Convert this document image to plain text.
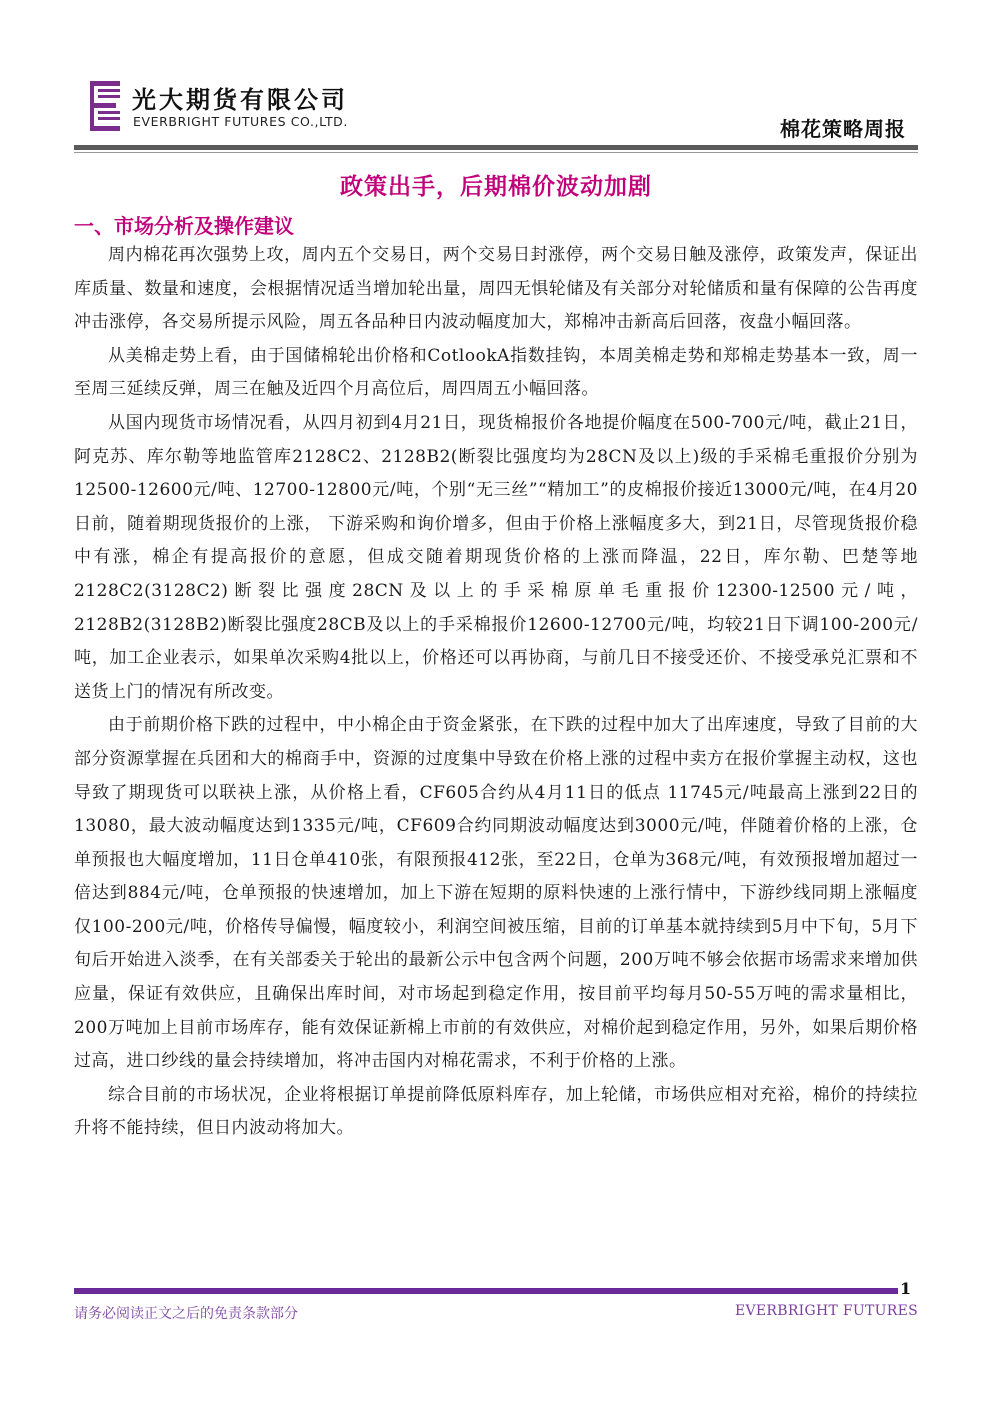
光大期货有限公司
EVERBRIGHT FUTURES CO.,LTD.	棉花策略周报
政策出手，后期棉价波动加剧
一、市场分析及操作建议

周内棉花再次强势上攻，周内五个交易日，两个交易日封涨停，两个交易日触及涨停，政策发声，保证出库质量、数量和速度，会根据情况适当增加轮出量，周四无惧轮储及有关部分对轮储质和量有保障的公告再度冲击涨停，各交易所提示风险，周五各品种日内波动幅度加大，郑棉冲击新高后回落，夜盘小幅回落。

从美棉走势上看，由于国储棉轮出价格和CotlookA指数挂钩，本周美棉走势和郑棉走势基本一致，周一至周三延续反弹，周三在触及近四个月高位后，周四周五小幅回落。

从国内现货市场情况看，从四月初到4月21日，现货棉报价各地提价幅度在500-700元/吨，截止21日，阿克苏、库尔勒等地监管库2128C2、2128B2(断裂比强度均为28CN及以上)级的手采棉毛重报价分别为12500-12600元/吨、12700-12800元/吨，个别“无三丝”“精加工”的皮棉报价接近13000元/吨，在4月20日前，随着期现货报价的上涨， 下游采购和询价增多，但由于价格上涨幅度多大，到21日，尽管现货报价稳中有涨，棉企有提高报价的意愿，但成交随着期现货价格的上涨而降温，22日，库尔勒、巴楚等地2128C2(3128C2)断裂比强度28CN及以上的手采棉原单毛重报价12300-12500元/吨，2128B2(3128B2)断裂比强度28CB及以上的手采棉报价12600-12700元/吨，均较21日下调100-200元/吨，加工企业表示，如果单次采购4批以上，价格还可以再协商，与前几日不接受还价、不接受承兑汇票和不送货上门的情况有所改变。

由于前期价格下跌的过程中，中小棉企由于资金紧张，在下跌的过程中加大了出库速度，导致了目前的大部分资源掌握在兵团和大的棉商手中，资源的过度集中导致在价格上涨的过程中卖方在报价掌握主动权，这也导致了期现货可以联袂上涨，从价格上看，CF605合约从4月11日的低点 11745元/吨最高上涨到22日的13080，最大波动幅度达到1335元/吨，CF609合约同期波动幅度达到3000元/吨，伴随着价格的上涨，仓单预报也大幅度增加，11日仓单410张，有限预报412张，至22日，仓单为368元/吨，有效预报增加超过一倍达到884元/吨，仓单预报的快速增加，加上下游在短期的原料快速的上涨行情中，下游纱线同期上涨幅度仅100-200元/吨，价格传导偏慢，幅度较小，利润空间被压缩，目前的订单基本就持续到5月中下旬，5月下旬后开始进入淡季，在有关部委关于轮出的最新公示中包含两个问题，200万吨不够会依据市场需求来增加供应量，保证有效供应，且确保出库时间，对市场起到稳定作用，按目前平均每月50-55万吨的需求量相比，200万吨加上目前市场库存，能有效保证新棉上市前的有效供应，对棉价起到稳定作用，另外，如果后期价格过高，进口纱线的量会持续增加，将冲击国内对棉花需求，不利于价格的上涨。

综合目前的市场状况，企业将根据订单提前降低原料库存，加上轮储，市场供应相对充裕，棉价的持续拉升将不能持续，但日内波动将加大。

1
请务必阅读正文之后的免责条款部分	EVERBRIGHT FUTURES
